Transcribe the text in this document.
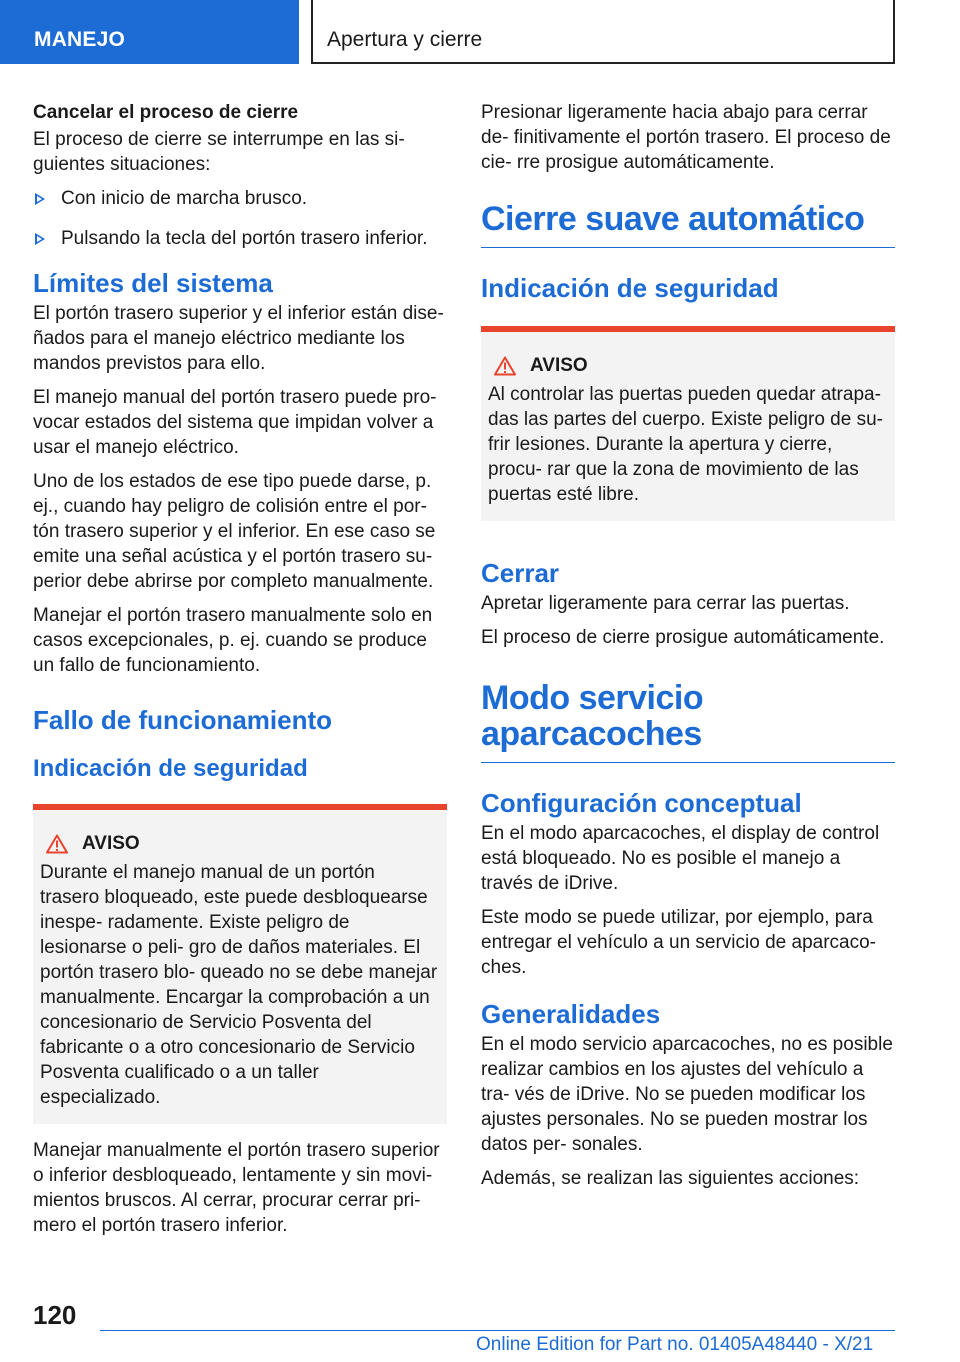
MANEJO	Apertura y cierre
Cancelar el proceso de cierre

El proceso de cierre se interrumpe en las si‐ guientes situaciones:

Con inicio de marcha brusco.
Pulsando la tecla del portón trasero inferior.
Límites del sistema

El portón trasero superior y el inferior están dise‐ ñados para el manejo eléctrico mediante los mandos previstos para ello.

El manejo manual del portón trasero puede pro‐ vocar estados del sistema que impidan volver a usar el manejo eléctrico.

Uno de los estados de ese tipo puede darse, p. ej., cuando hay peligro de colisión entre el por‐ tón trasero superior y el inferior. En ese caso se emite una señal acústica y el portón trasero su‐ perior debe abrirse por completo manualmente.

Manejar el portón trasero manualmente solo en casos excepcionales, p. ej. cuando se produce un fallo de funcionamiento.

Fallo de funcionamiento
Indicación de seguridad
AVISO

Durante el manejo manual de un portón trasero bloqueado, este puede desbloquearse inespe‐ radamente. Existe peligro de lesionarse o peli‐ gro de daños materiales. El portón trasero blo‐ queado no se debe manejar manualmente. Encargar la comprobación a un concesionario de Servicio Posventa del fabricante o a otro concesionario de Servicio Posventa cualificado o a un taller especializado.

Manejar manualmente el portón trasero superior o inferior desbloqueado, lentamente y sin movi‐ mientos bruscos. Al cerrar, procurar cerrar pri‐ mero el portón trasero inferior.

Presionar ligeramente hacia abajo para cerrar de‐ finitivamente el portón trasero. El proceso de cie‐ rre prosigue automáticamente.

Cierre suave automático
Indicación de seguridad
AVISO

Al controlar las puertas pueden quedar atrapa‐ das las partes del cuerpo. Existe peligro de su‐ frir lesiones. Durante la apertura y cierre, procu‐ rar que la zona de movimiento de las puertas esté libre.

Cerrar

Apretar ligeramente para cerrar las puertas.

El proceso de cierre prosigue automáticamente.

Modo servicio aparcacoches
Configuración conceptual

En el modo aparcacoches, el display de control está bloqueado. No es posible el manejo a través de iDrive.

Este modo se puede utilizar, por ejemplo, para entregar el vehículo a un servicio de aparcaco‐ ches.

Generalidades

En el modo servicio aparcacoches, no es posible realizar cambios en los ajustes del vehículo a tra‐ vés de iDrive. No se pueden modificar los ajustes personales. No se pueden mostrar los datos per‐ sonales.

Además, se realizan las siguientes acciones:

120
Online Edition for Part no. 01405A48440 - X/21
